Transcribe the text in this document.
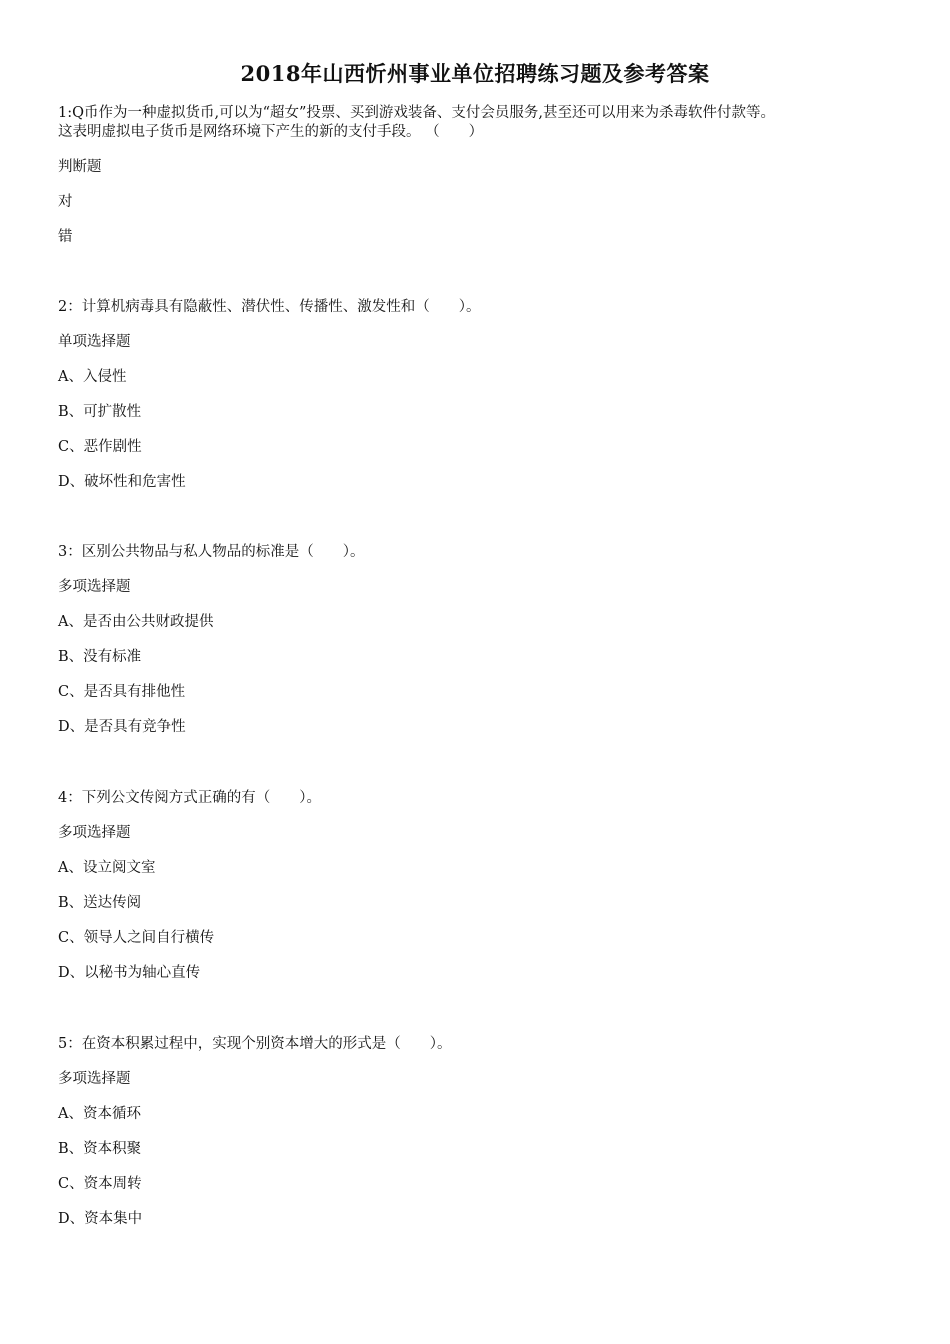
2018年山西忻州事业单位招聘练习题及参考答案
1:Q币作为一种虚拟货币,可以为“超女”投票、买到游戏装备、支付会员服务,甚至还可以用来为杀毒软件付款等。
这表明虚拟电子货币是网络环境下产生的新的支付手段。 （　　）
判断题
对
错
2：计算机病毒具有隐蔽性、潜伏性、传播性、激发性和（　　）。
单项选择题
A、入侵性
B、可扩散性
C、恶作剧性
D、破坏性和危害性
3：区别公共物品与私人物品的标准是（　　）。
多项选择题
A、是否由公共财政提供
B、没有标准
C、是否具有排他性
D、是否具有竞争性
4：下列公文传阅方式正确的有（　　）。
多项选择题
A、设立阅文室
B、送达传阅
C、领导人之间自行横传
D、以秘书为轴心直传
5：在资本积累过程中，实现个别资本增大的形式是（　　）。
多项选择题
A、资本循环
B、资本积聚
C、资本周转
D、资本集中
